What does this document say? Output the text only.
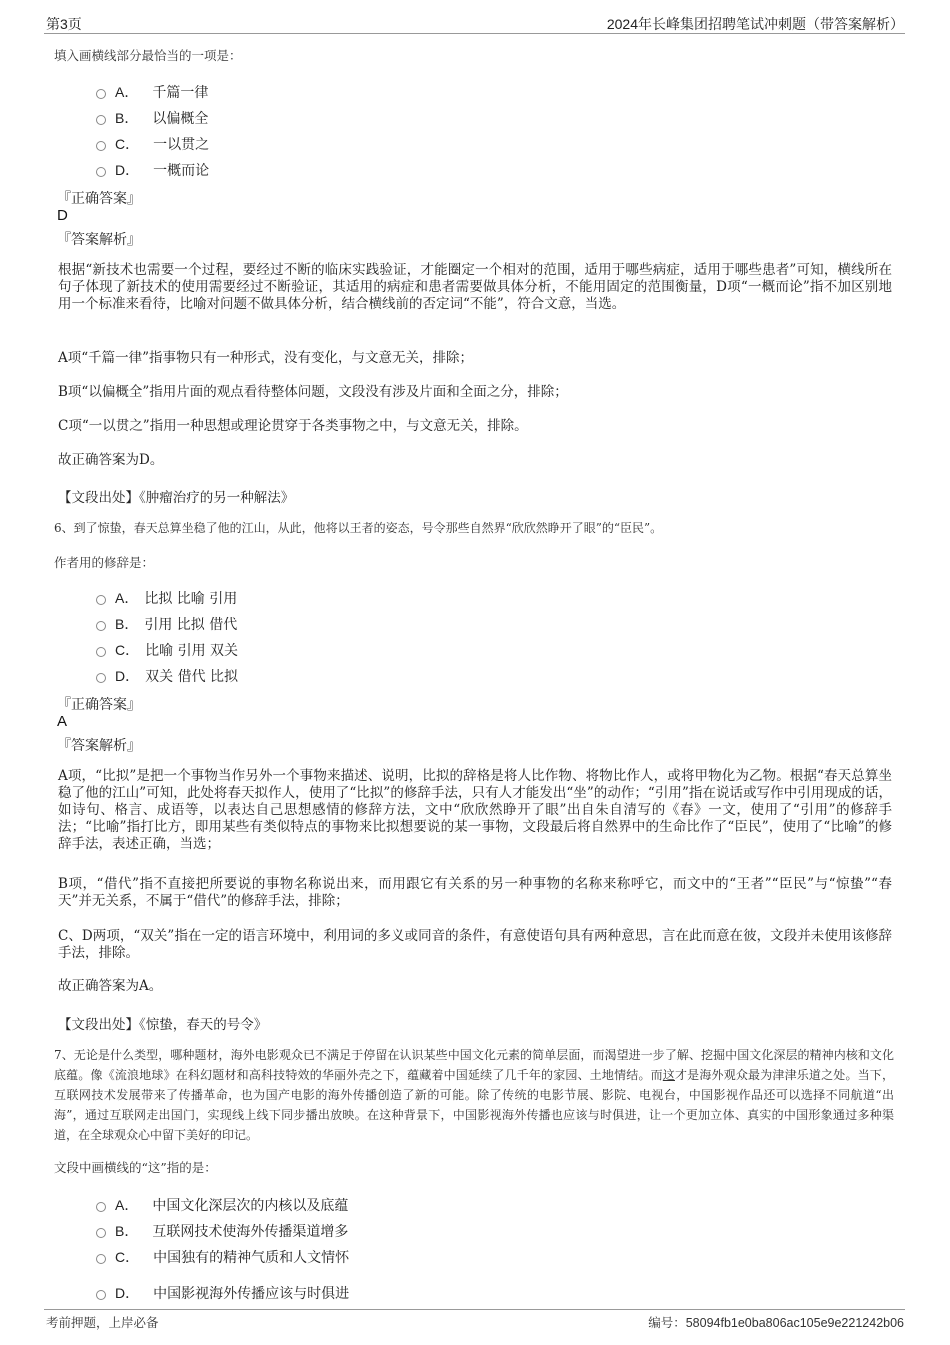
第3页	2024年长峰集团招聘笔试冲刺题（带答案解析）
填入画横线部分最恰当的一项是：
A． 千篇一律
B． 以偏概全
C． 一以贯之
D． 一概而论
『正确答案』
D
『答案解析』
根据“新技术也需要一个过程，要经过不断的临床实践验证，才能圈定一个相对的范围，适用于哪些病症，适用于哪些患者”可知，横线所在句子体现了新技术的使用需要经过不断验证，其适用的病症和患者需要做具体分析，不能用固定的范围衡量，D项“一概而论”指不加区别地用一个标准来看待，比喻对问题不做具体分析，结合横线前的否定词“不能”，符合文意，当选。
A项“千篇一律”指事物只有一种形式，没有变化，与文意无关，排除；
B项“以偏概全”指用片面的观点看待整体问题，文段没有涉及片面和全面之分，排除；
C项“一以贯之”指用一种思想或理论贯穿于各类事物之中，与文意无关，排除。
故正确答案为D。
【文段出处】《肿瘤治疗的另一种解法》
6、到了惊蛰，春天总算坐稳了他的江山，从此，他将以王者的姿态，号令那些自然界“欣欣然睁开了眼”的“臣民”。
作者用的修辞是：
A． 比拟 比喻 引用
B． 引用 比拟 借代
C． 比喻 引用 双关
D． 双关 借代 比拟
『正确答案』
A
『答案解析』
A项，“比拟”是把一个事物当作另外一个事物来描述、说明，比拟的辞格是将人比作物、将物比作人，或将甲物化为乙物。根据“春天总算坐稳了他的江山”可知，此处将春天拟作人，使用了“比拟”的修辞手法，只有人才能发出“坐”的动作；“引用”指在说话或写作中引用现成的话，如诗句、格言、成语等，以表达自己思想感情的修辞方法，文中“欣欣然睁开了眼”出自朱自清写的《春》一文，使用了“引用”的修辞手法；“比喻”指打比方，即用某些有类似特点的事物来比拟想要说的某一事物，文段最后将自然界中的生命比作了“臣民”，使用了“比喻”的修辞手法，表述正确，当选；
B项，“借代”指不直接把所要说的事物名称说出来，而用跟它有关系的另一种事物的名称来称呼它，而文中的“王者”“臣民”与“惊蛰”“春天”并无关系，不属于“借代”的修辞手法，排除；
C、D两项，“双关”指在一定的语言环境中，利用词的多义或同音的条件，有意使语句具有两种意思，言在此而意在彼，文段并未使用该修辞手法，排除。
故正确答案为A。
【文段出处】《惊蛰，春天的号令》
7、无论是什么类型，哪种题材，海外电影观众已不满足于停留在认识某些中国文化元素的简单层面，而渴望进一步了解、挖掘中国文化深层的精神内核和文化底蕴。像《流浪地球》在科幻题材和高科技特效的华丽外壳之下，蕴藏着中国延续了几千年的家园、土地情结。而这才是海外观众最为津津乐道之处。当下，互联网技术发展带来了传播革命，也为国产电影的海外传播创造了新的可能。除了传统的电影节展、影院、电视台，中国影视作品还可以选择不同航道“出海”，通过互联网走出国门，实现线上线下同步播出放映。在这种背景下，中国影视海外传播也应该与时俱进，让一个更加立体、真实的中国形象通过多种渠道，在全球观众心中留下美好的印记。
文段中画横线的“这”指的是：
A． 中国文化深层次的内核以及底蕴
B． 互联网技术使海外传播渠道增多
C． 中国独有的精神气质和人文情怀
D． 中国影视海外传播应该与时俱进
考前押题，上岸必备	编号：58094fb1e0ba806ac105e9e221242b06
